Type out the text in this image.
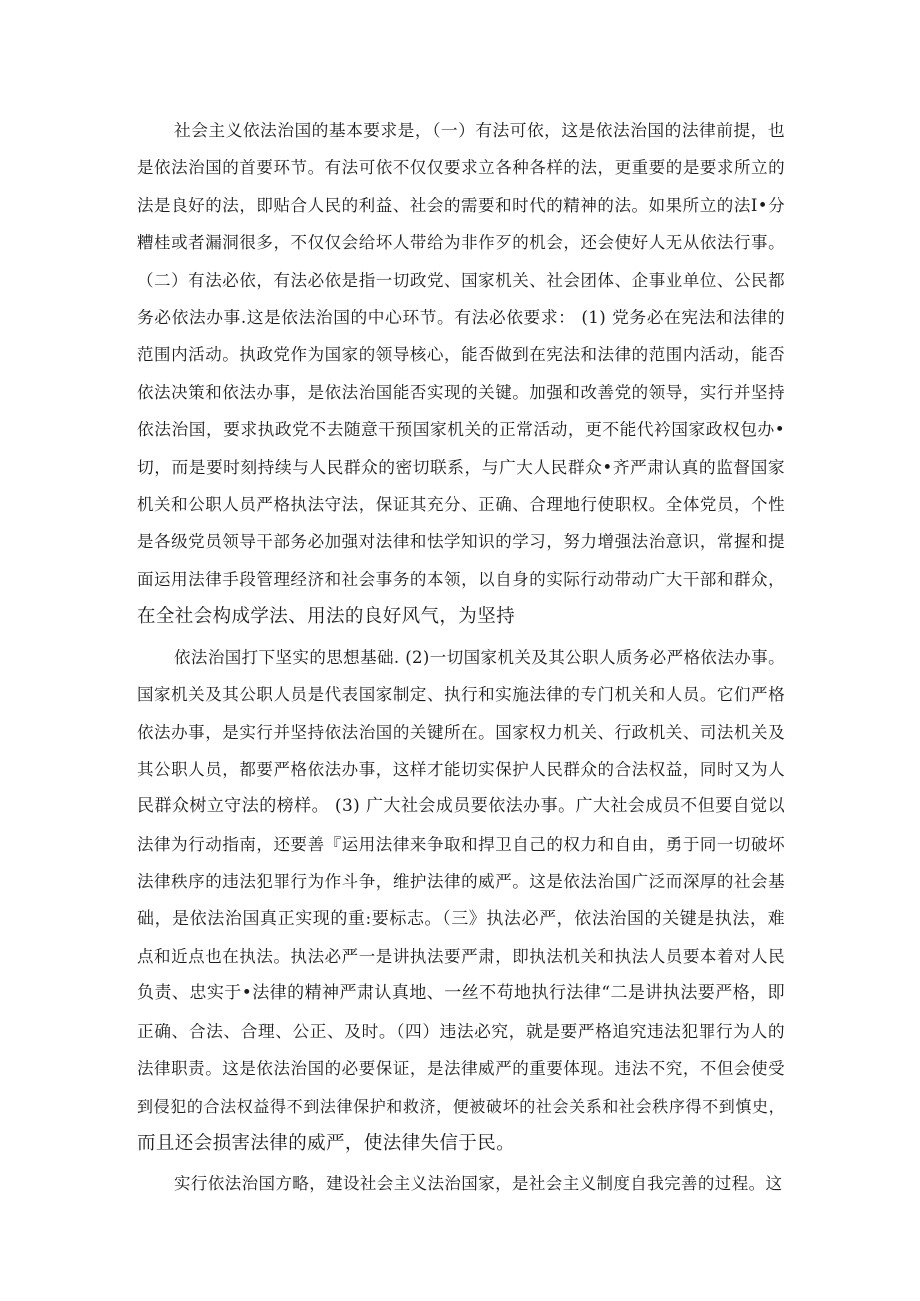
社会主义依法治国的基本要求是，（一）有法可依，这是依法治国的法律前提，也
是依法治国的首要环节。有法可依不仅仅要求立各种各样的法，更重要的是要求所立的
法是良好的法，即贴合人民的利益、社会的需要和时代的精神的法。如果所立的法I•分
糟桂或者漏洞很多，不仅仅会给坏人带给为非作歹的机会，还会使好人无从依法行事。
（二）有法必依，有法必依是指一切政党、国家机关、社会团体、企事业单位、公民都
务必依法办事.这是依法治国的中心环节。有法必依要求： (1) 党务必在宪法和法律的
范围内活动。执政党作为国家的领导核心，能否做到在宪法和法律的范围内活动，能否
依法决策和依法办事，是依法治国能否实现的关键。加强和改善党的领导，实行并坚持
依法治国，要求执政党不去随意干预国家机关的正常活动，更不能代衿国家政权包办•
切，而是要时刻持续与人民群众的密切联系，与广大人民群众•齐严肃认真的监督国家
机关和公职人员严格执法守法，保证其充分、正确、合理地行使职权。全体党员，个性
是各级党员领导干部务必加强对法律和怯学知识的学习，努力增强法治意识，常握和提
面运用法律手段管理经济和社会事务的本领，以自身的实际行动带动广大干部和群众，
在全社会构成学法、用法的良好风气，为坚持

依法治国打下坚实的思想基础. (2)一切国家机关及其公职人质务必严格依法办事。
国家机关及其公职人员是代表国家制定、执行和实施法律的专门机关和人员。它们严格
依法办事，是实行并坚持依法治国的关键所在。国家权力机关、行政机关、司法机关及
其公职人员，都要严格依法办事，这样才能切实保护人民群众的合法权益，同时又为人
民群众树立守法的榜样。 (3) 广大社会成员要依法办事。广大社会成员不但要自觉以
法律为行动指南，还要善『运用法律来争取和捍卫自己的权力和自由，勇于同一切破坏
法律秩序的违法犯罪行为作斗争，维护法律的威严。这是依法治国广泛而深厚的社会基
础，是依法治国真正实现的重:要标志。（三》执法必严，依法治国的关键是执法，难
点和近点也在执法。执法必严一是讲执法要严肃，即执法机关和执法人员要本着对人民
负责、忠实于•法律的精神严肃认真地、一丝不苟地执行法律“二是讲执法要严格，即
正确、合法、合理、公正、及时。（四）违法必究，就是要严格追究违法犯罪行为人的
法律职责。这是依法治国的必要保证，是法律威严的重要体现。违法不究，不但会使受
到侵犯的合法权益得不到法律保护和救济，便被破坏的社会关系和社会秩序得不到慎史，
而且还会损害法律的威严，使法律失信于民。

实行依法治国方略，建设社会主义法治国家，是社会主义制度自我完善的过程。这
